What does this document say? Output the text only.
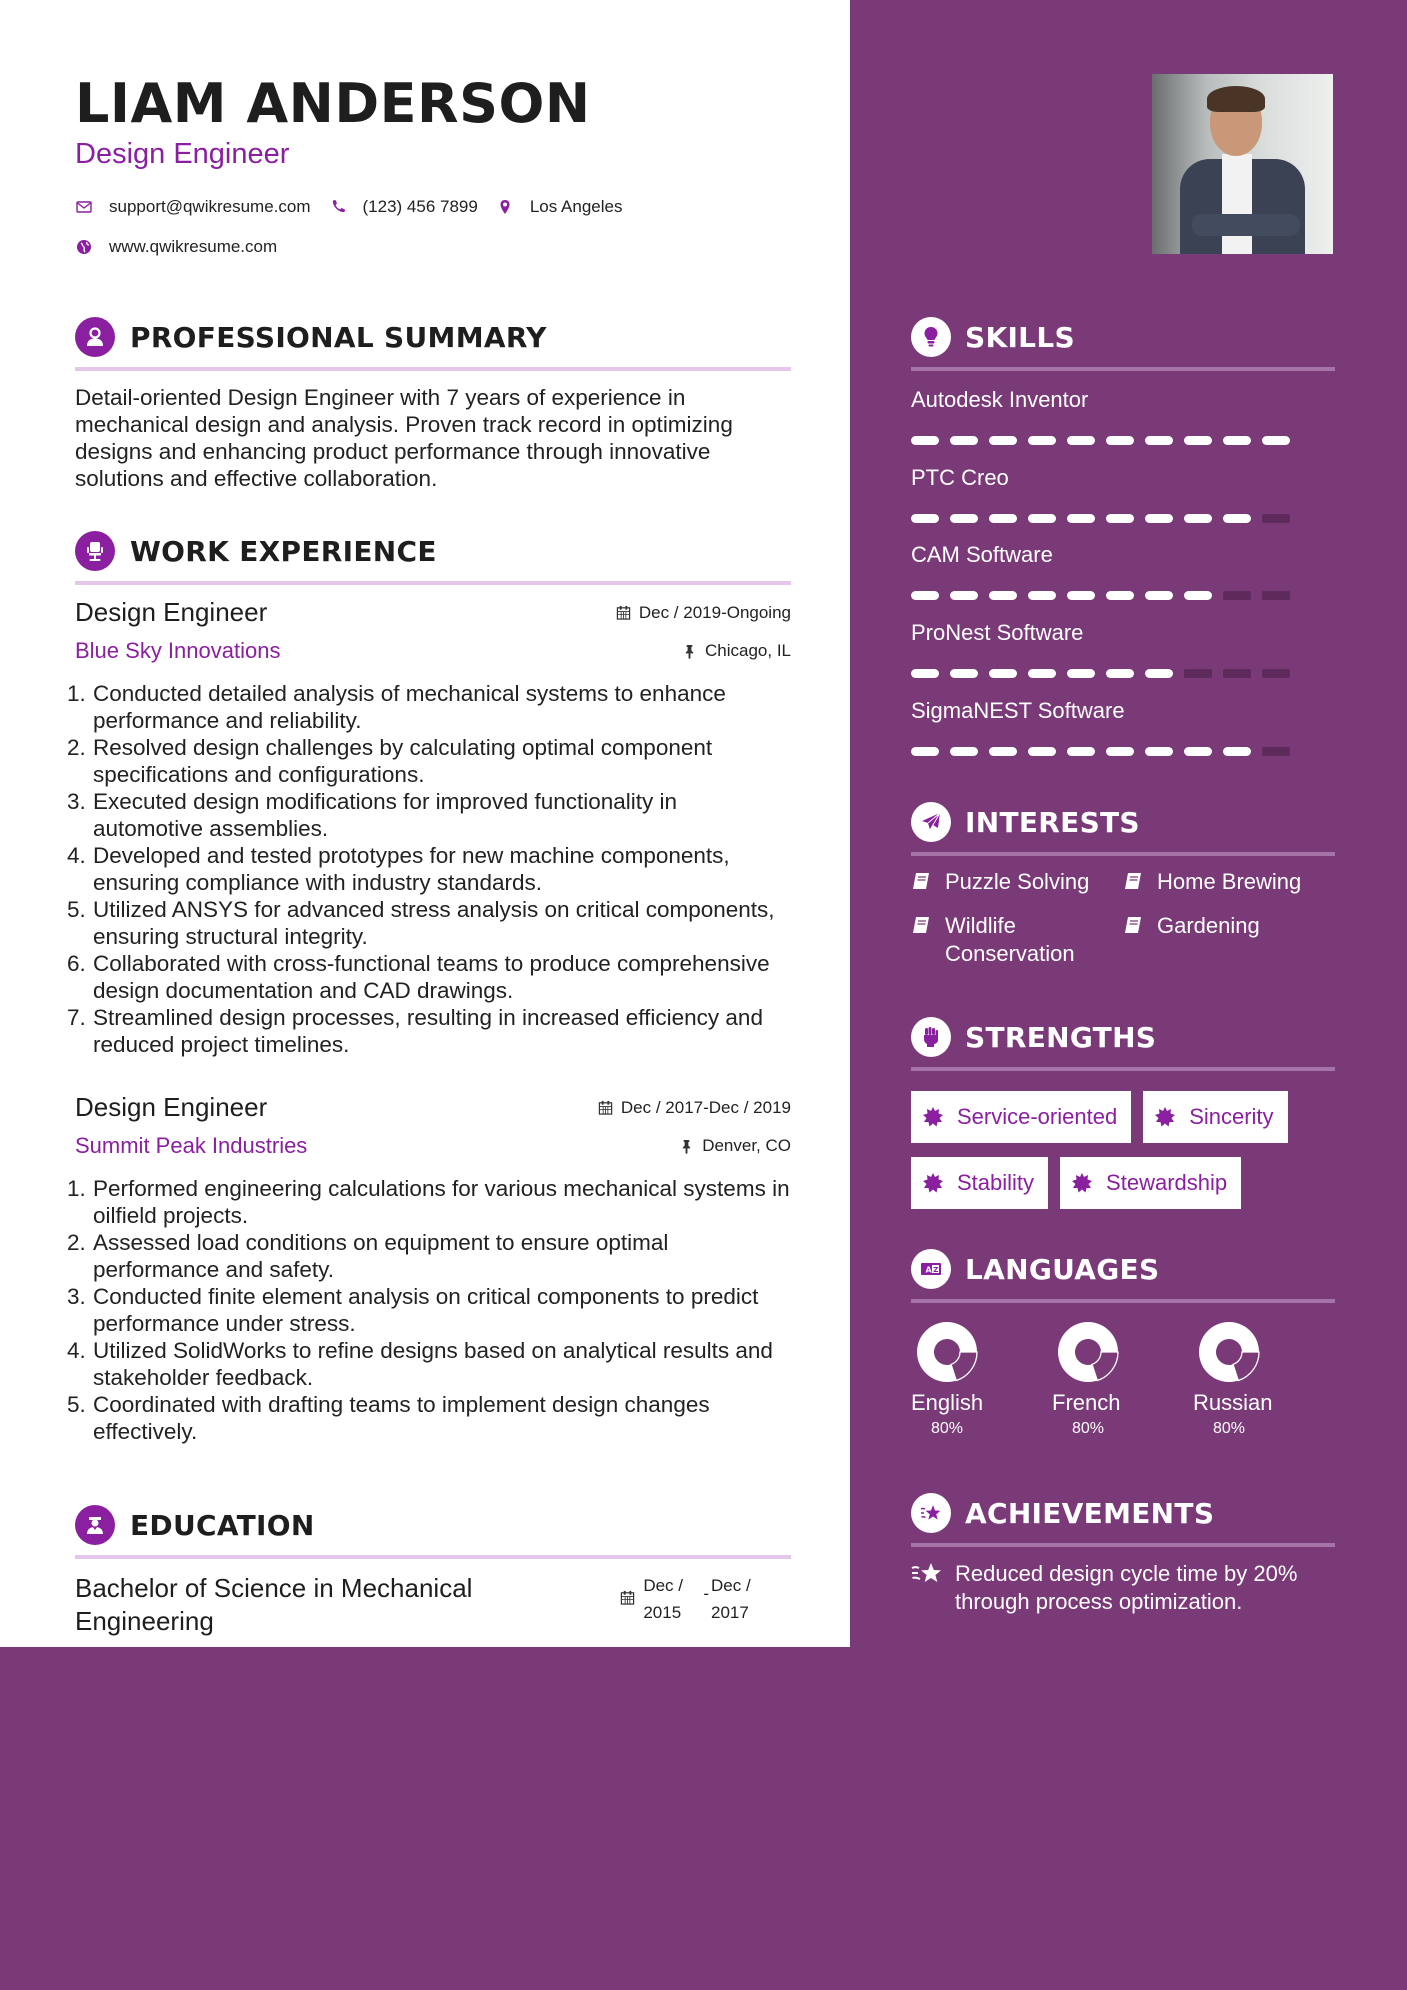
LIAM ANDERSON
Design Engineer
support@qwikresume.com	(123) 456 7899	Los Angeles
www.qwikresume.com
PROFESSIONAL SUMMARY
Detail-oriented Design Engineer with 7 years of experience in mechanical design and analysis. Proven track record in optimizing designs and enhancing product performance through innovative solutions and effective collaboration.
WORK EXPERIENCE
Design Engineer	Dec / 2019-Ongoing
Blue Sky Innovations	Chicago, IL
1. Conducted detailed analysis of mechanical systems to enhance performance and reliability.
2. Resolved design challenges by calculating optimal component specifications and configurations.
3. Executed design modifications for improved functionality in automotive assemblies.
4. Developed and tested prototypes for new machine components, ensuring compliance with industry standards.
5. Utilized ANSYS for advanced stress analysis on critical components, ensuring structural integrity.
6. Collaborated with cross-functional teams to produce comprehensive design documentation and CAD drawings.
7. Streamlined design processes, resulting in increased efficiency and reduced project timelines.
Design Engineer	Dec / 2017-Dec / 2019
Summit Peak Industries	Denver, CO
1. Performed engineering calculations for various mechanical systems in oilfield projects.
2. Assessed load conditions on equipment to ensure optimal performance and safety.
3. Conducted finite element analysis on critical components to predict performance under stress.
4. Utilized SolidWorks to refine designs based on analytical results and stakeholder feedback.
5. Coordinated with drafting teams to implement design changes effectively.
EDUCATION
Bachelor of Science in Mechanical Engineering
Dec /
2015
- Dec /
2017
SKILLS
Autodesk Inventor
PTC Creo
CAM Software
ProNest Software
SigmaNEST Software
INTERESTS
Puzzle Solving	Home Brewing
Wildlife Conservation
Gardening
STRENGTHS
Service-oriented	Sincerity
Stability	Stewardship
A Z LANGUAGES
English
80%
French
80%
Russian
80%
ACHIEVEMENTS
Reduced design cycle time by 20% through process optimization.
